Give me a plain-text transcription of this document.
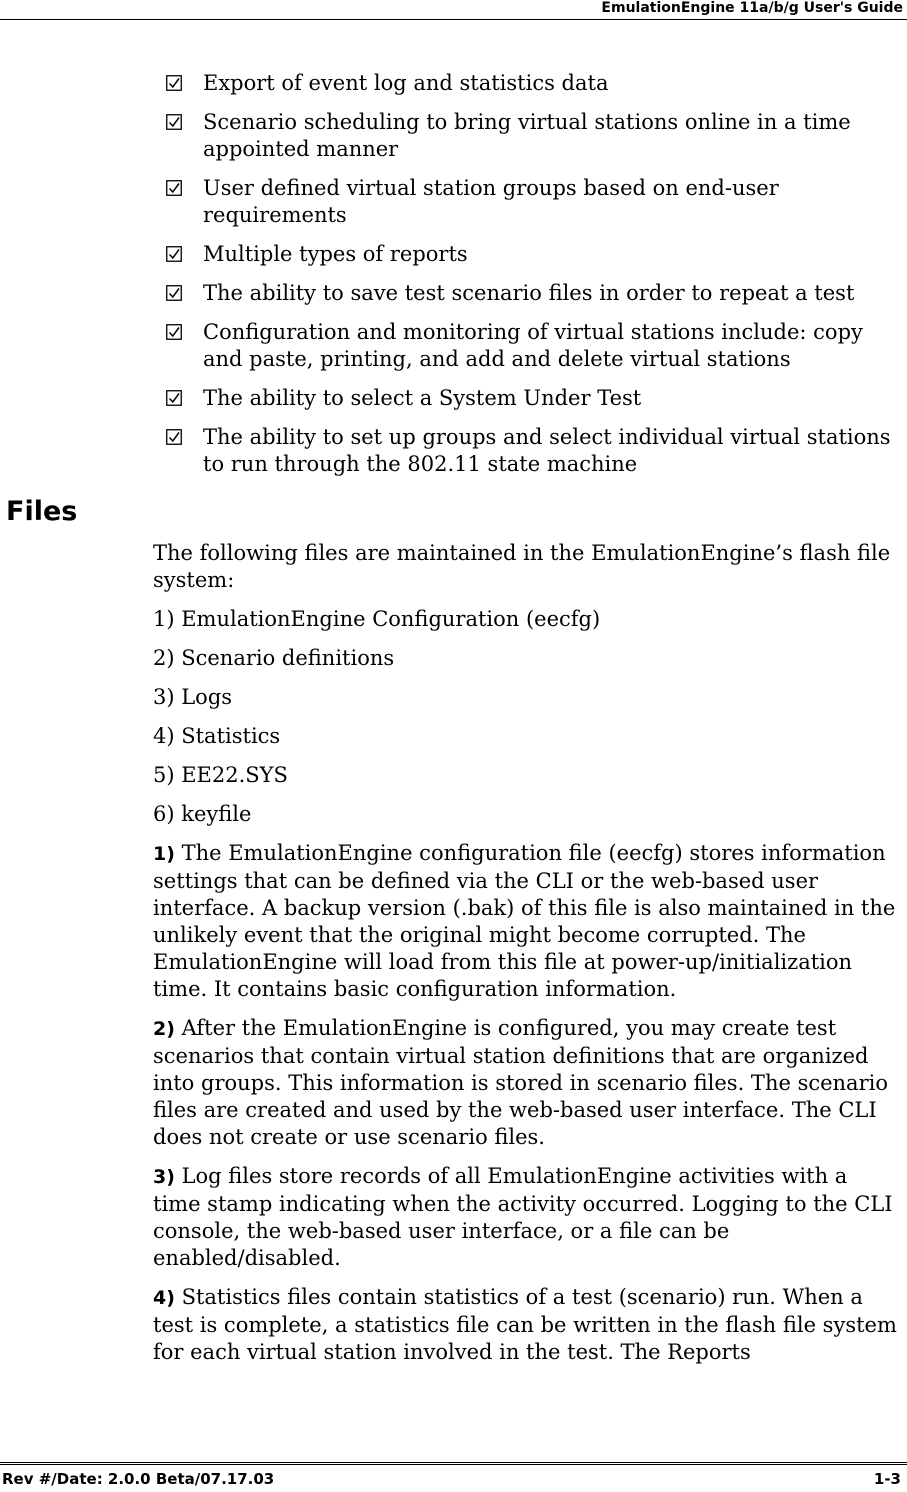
EmulationEngine 11a/b/g User's Guide
Export of event log and statistics data
Scenario scheduling to bring virtual stations online in a time appointed manner
User defined virtual station groups based on end-user requirements
Multiple types of reports
The ability to save test scenario files in order to repeat a test
Configuration and monitoring of virtual stations include: copy and paste, printing, and add and delete virtual stations
The ability to select a System Under Test
The ability to set up groups and select individual virtual stations to run through the 802.11 state machine
Files

The following files are maintained in the EmulationEngine’s flash file system:

1) EmulationEngine Configuration (eecfg)

2) Scenario definitions

3) Logs

4) Statistics

5) EE22.SYS

6) keyfile

1) The EmulationEngine configuration file (eecfg) stores information settings that can be defined via the CLI or the web-based user interface. A backup version (.bak) of this file is also maintained in the unlikely event that the original might become corrupted. The EmulationEngine will load from this file at power-up/initialization time. It contains basic configuration information.

2) After the EmulationEngine is configured, you may create test scenarios that contain virtual station definitions that are organized into groups. This information is stored in scenario files. The scenario files are created and used by the web-based user interface. The CLI does not create or use scenario files.

3) Log files store records of all EmulationEngine activities with a time stamp indicating when the activity occurred. Logging to the CLI console, the web-based user interface, or a file can be enabled/disabled.

4) Statistics files contain statistics of a test (scenario) run. When a test is complete, a statistics file can be written in the flash file system for each virtual station involved in the test. The Reports

Rev #/Date: 2.0.0 Beta/07.17.03	1-3
